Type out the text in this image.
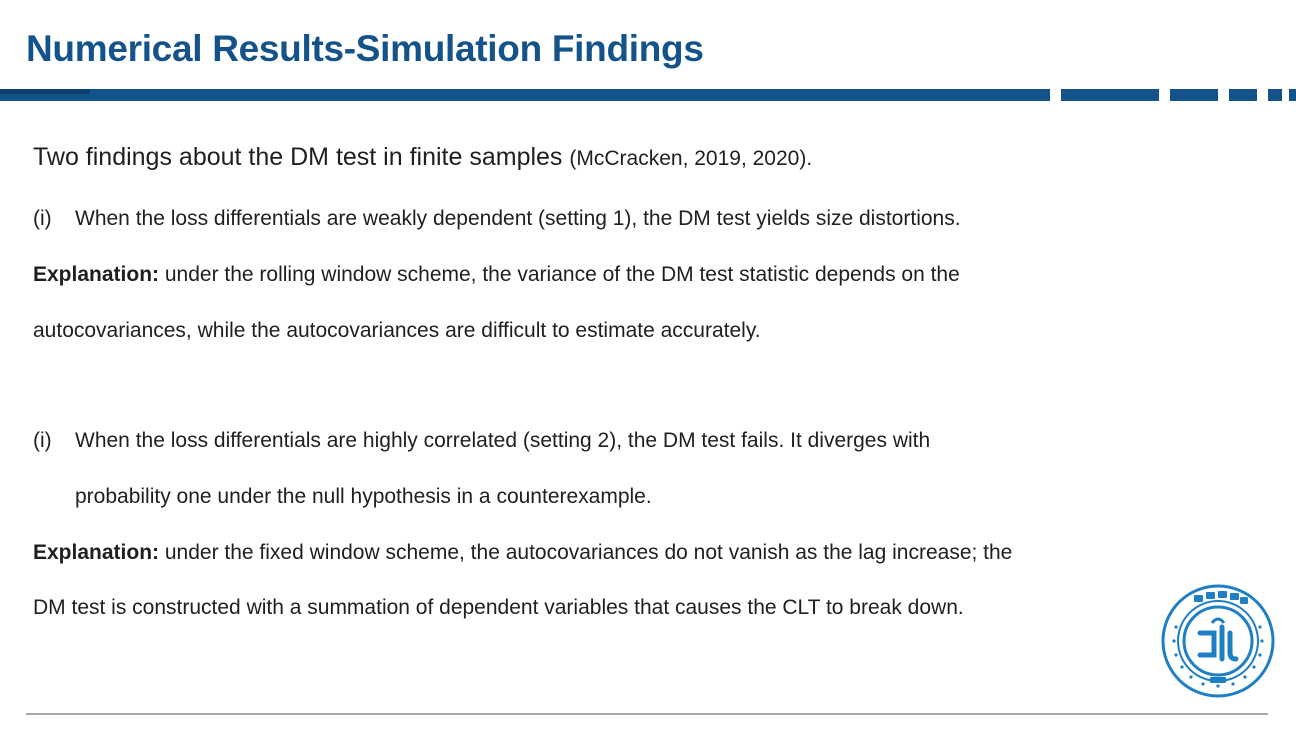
Numerical Results-Simulation Findings
Two findings about the DM test in finite samples (McCracken, 2019, 2020).
(i) When the loss differentials are weakly dependent (setting 1), the DM test yields size distortions.
Explanation: under the rolling window scheme, the variance of the DM test statistic depends on the
autocovariances, while the autocovariances are difficult to estimate accurately.
(i) When the loss differentials are highly correlated (setting 2), the DM test fails. It diverges with
probability one under the null hypothesis in a counterexample.
Explanation: under the fixed window scheme, the autocovariances do not vanish as the lag increase; the
DM test is constructed with a summation of dependent variables that causes the CLT to break down.
